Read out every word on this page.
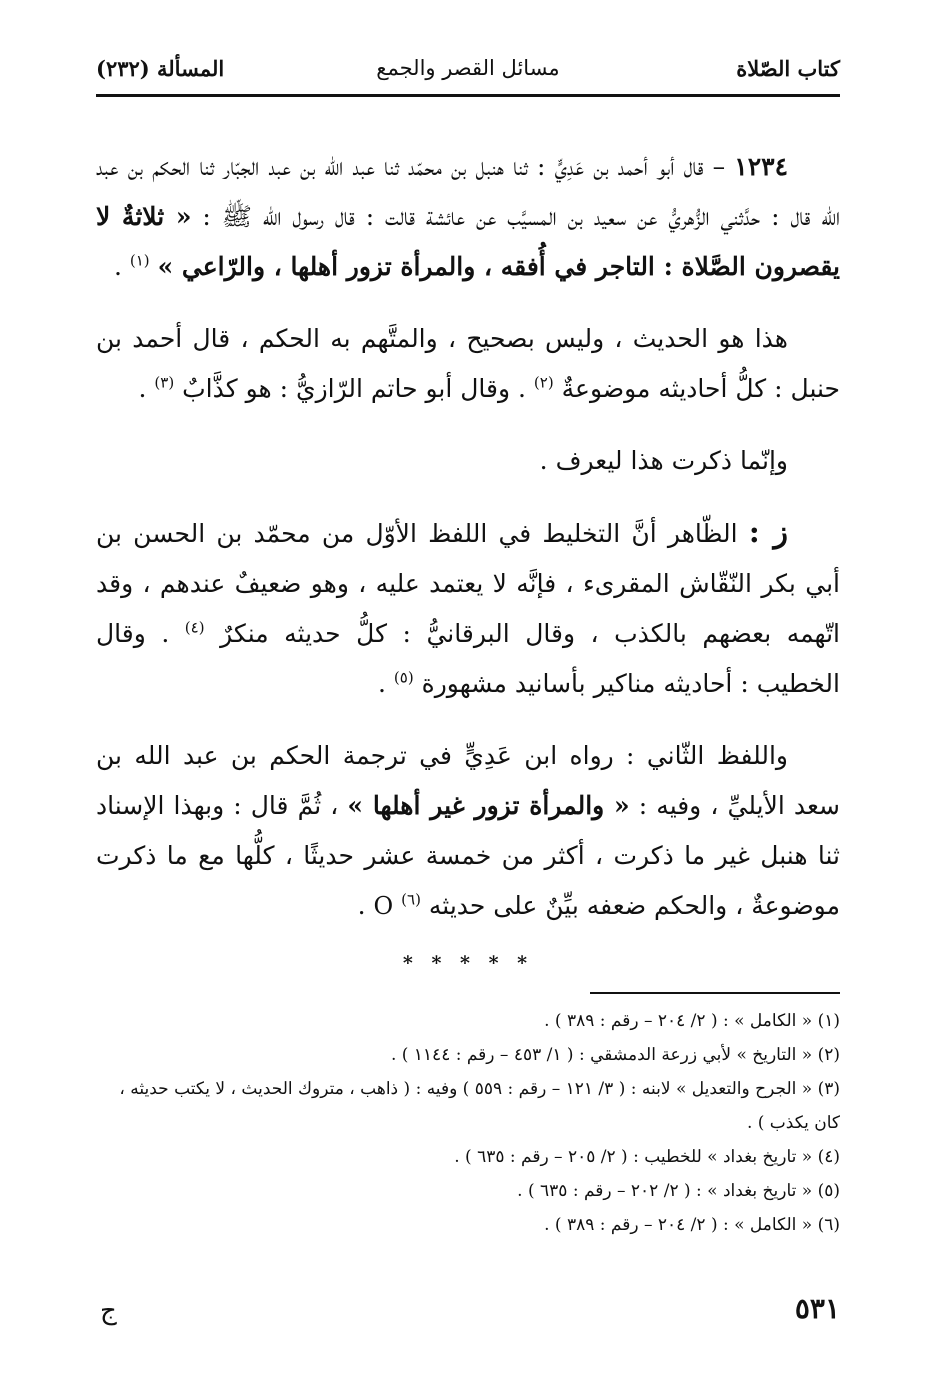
كتاب الصّلاة
مسائل القصر والجمع
المسألة (٢٣٢)

١٢٣٤ – قال أبو أحمد بن عَدِيٍّ : ثنا هنبل بن محمّد ثنا عبد الله بن عبد الجبّار ثنا الحكم بن عبد الله قال : حدَّثني الزُّهريُّ عن سعيد بن المسيَّب عن عائشة قالت : قال رسول الله ﷺ : « ثلاثةٌ لا يقصرون الصَّلاة : التاجر في أُفقه ، والمرأة تزور أهلها ، والرّاعي » $^{(١)}$ .

هذا هو الحديث ، وليس بصحيح ، والمتَّهم به الحكم ، قال أحمد بن حنبل : كلُّ أحاديثه موضوعةٌ $^{(٢)}$ . وقال أبو حاتم الرّازيُّ : هو كذَّابٌ $^{(٣)}$ .

وإنّما ذكرت هذا ليعرف .

ز : الظّاهر أنَّ التخليط في اللفظ الأوّل من محمّد بن الحسن بن أبي بكر النّقّاش المقرىء ، فإنَّه لا يعتمد عليه ، وهو ضعيفٌ عندهم ، وقد اتّهمه بعضهم بالكذب ، وقال البرقانيُّ : كلُّ حديثه منكرٌ $^{(٤)}$ . وقال الخطيب : أحاديثه مناكير بأسانيد مشهورة $^{(٥)}$ .

واللفظ الثّاني : رواه ابن عَدِيٍّ في ترجمة الحكم بن عبد الله بن سعد الأيليِّ ، وفيه : « والمرأة تزور غير أهلها » ، ثُمَّ قال : وبهذا الإسناد ثنا هنبل غير ما ذكرت ، أكثر من خمسة عشر حديثًا ، كلُّها مع ما ذكرت موضوعةٌ ، والحكم ضعفه بيِّنٌ على حديثه $^{(٦)}$ O .

* * * * *
(١) « الكامل » : ( ٢/ ٢٠٤ – رقم : ٣٨٩ ) .
(٢) « التاريخ » لأبي زرعة الدمشقي : ( ١/ ٤٥٣ – رقم : ١١٤٤ ) .
(٣) « الجرح والتعديل » لابنه : ( ٣/ ١٢١ – رقم : ٥٥٩ ) وفيه : ( ذاهب ، متروك الحديث ، لا يكتب حديثه ، كان يكذب ) .
(٤) « تاريخ بغداد » للخطيب : ( ٢/ ٢٠٥ – رقم : ٦٣٥ ) .
(٥) « تاريخ بغداد » : ( ٢/ ٢٠٢ – رقم : ٦٣٥ ) .
(٦) « الكامل » : ( ٢/ ٢٠٤ – رقم : ٣٨٩ ) .
٥٣١
ج
